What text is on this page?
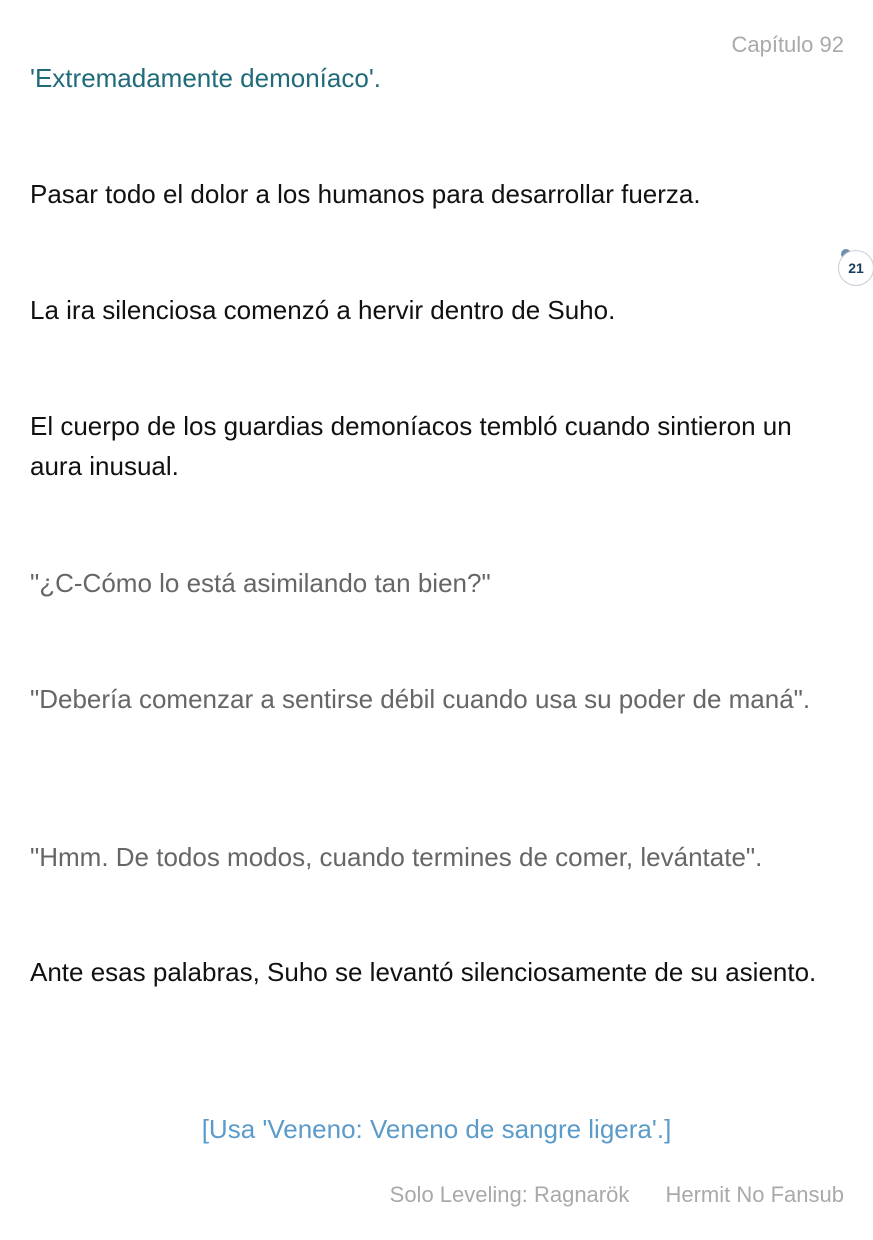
Capítulo 92

'Extremadamente demoníaco'.

Pasar todo el dolor a los humanos para desarrollar fuerza.

21

La ira silenciosa comenzó a hervir dentro de Suho.

El cuerpo de los guardias demoníacos tembló cuando sintieron un aura inusual.

"¿C-Cómo lo está asimilando tan bien?"

"Debería comenzar a sentirse débil cuando usa su poder de maná".

"Hmm. De todos modos, cuando termines de comer, levántate".

Ante esas palabras, Suho se levantó silenciosamente de su asiento.

[Usa 'Veneno: Veneno de sangre ligera'.]

Solo Leveling: Ragnarök Hermit No Fansub
